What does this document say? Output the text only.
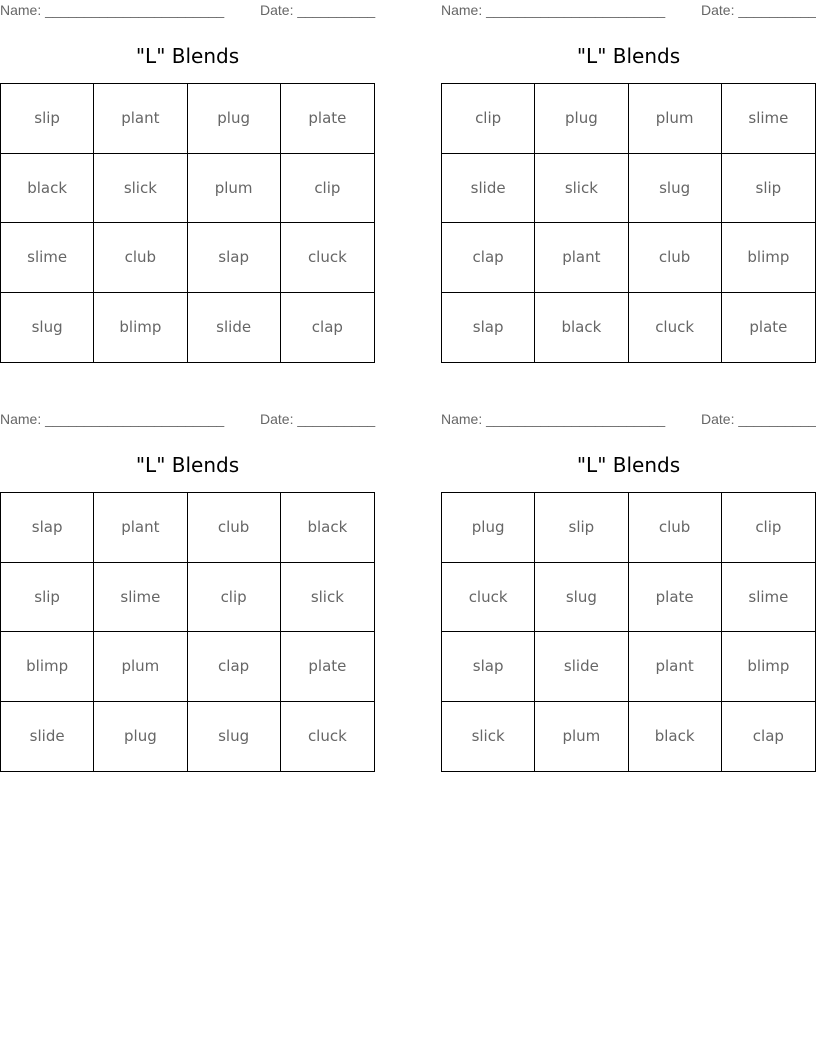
Name: _______________________	Date: __________
"L" Blends
slip	plant	plug	plate
black	slick	plum	clip
slime	club	slap	cluck
slug	blimp	slide	clap
Name: _______________________	Date: __________
"L" Blends
clip	plug	plum	slime
slide	slick	slug	slip
clap	plant	club	blimp
slap	black	cluck	plate
Name: _______________________	Date: __________
"L" Blends
slap	plant	club	black
slip	slime	clip	slick
blimp	plum	clap	plate
slide	plug	slug	cluck
Name: _______________________	Date: __________
"L" Blends
plug	slip	club	clip
cluck	slug	plate	slime
slap	slide	plant	blimp
slick	plum	black	clap
